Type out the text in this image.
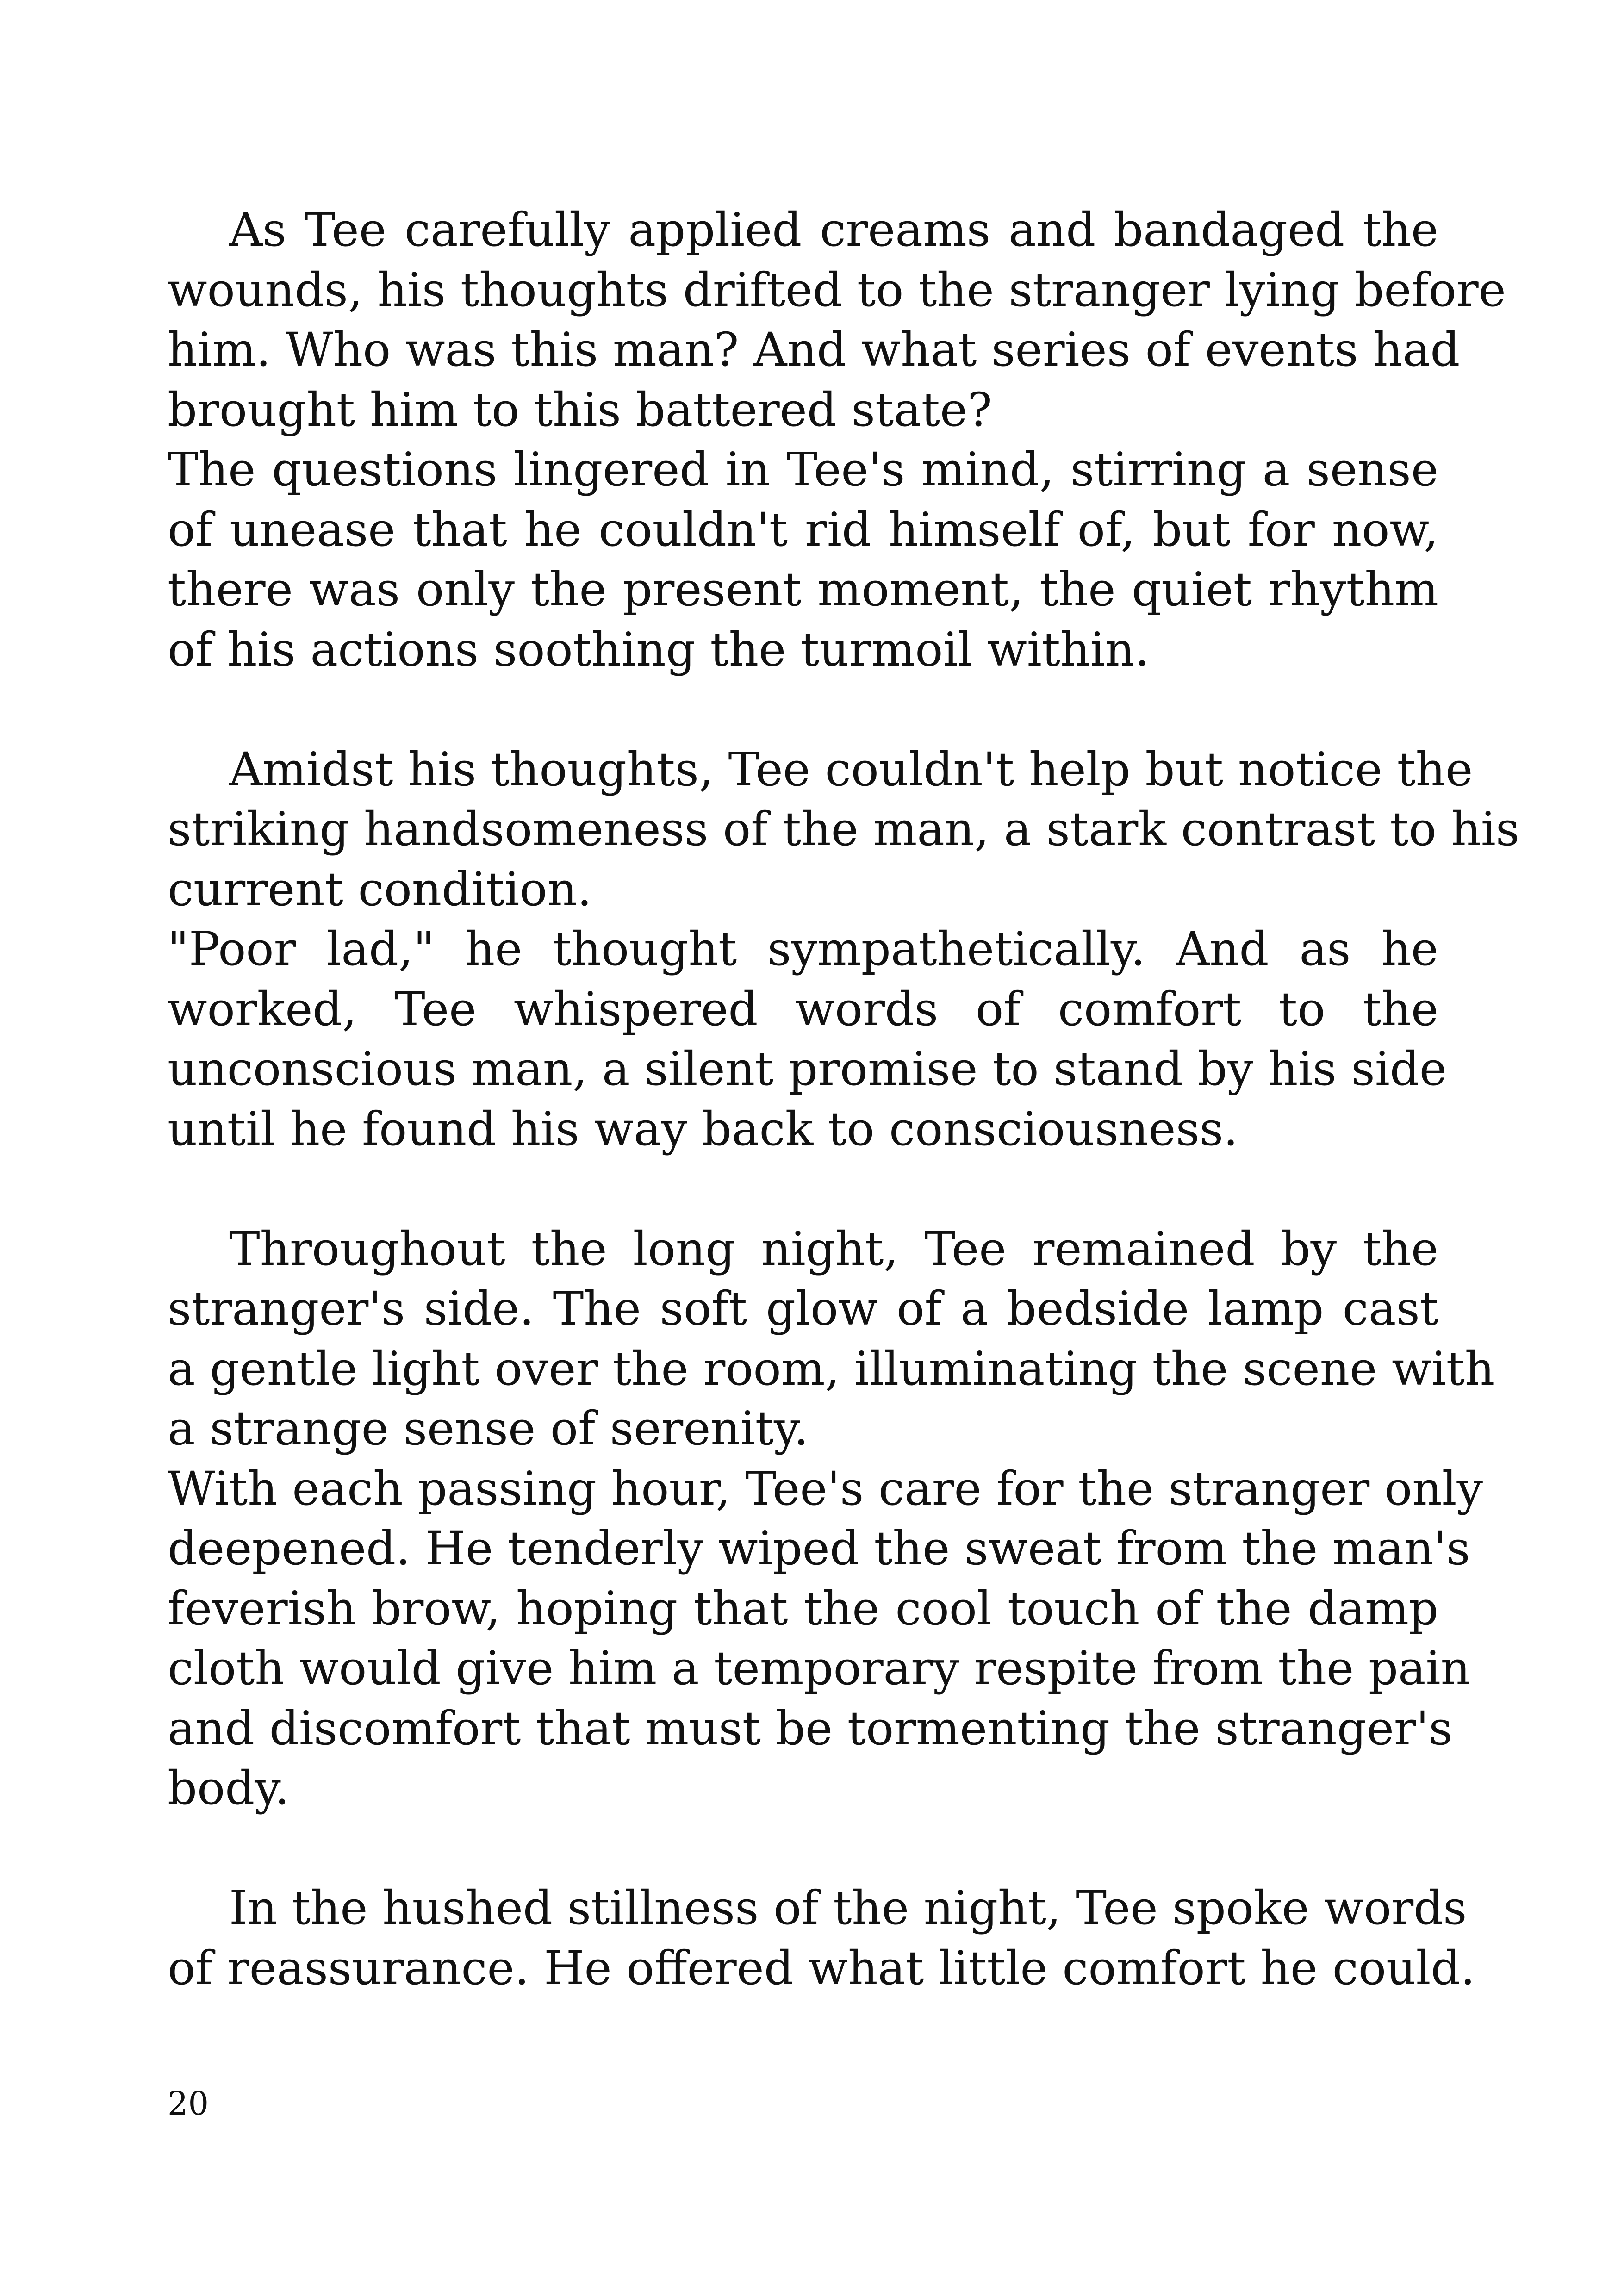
As Tee carefully applied creams and bandaged the
wounds, his thoughts drifted to the stranger lying before
him. Who was this man? And what series of events had
brought him to this battered state?
The questions lingered in Tee's mind, stirring a sense
of unease that he couldn't rid himself of, but for now,
there was only the present moment, the quiet rhythm
of his actions soothing the turmoil within.
Amidst his thoughts, Tee couldn't help but notice the
striking handsomeness of the man, a stark contrast to his
current condition.
"Poor lad," he thought sympathetically. And as he
worked, Tee whispered words of comfort to the
unconscious man, a silent promise to stand by his side
until he found his way back to consciousness.
Throughout the long night, Tee remained by the
stranger's side. The soft glow of a bedside lamp cast
a gentle light over the room, illuminating the scene with
a strange sense of serenity.
With each passing hour, Tee's care for the stranger only
deepened. He tenderly wiped the sweat from the man's
feverish brow, hoping that the cool touch of the damp
cloth would give him a temporary respite from the pain
and discomfort that must be tormenting the stranger's
body.
In the hushed stillness of the night, Tee spoke words
of reassurance. He offered what little comfort he could.
20
